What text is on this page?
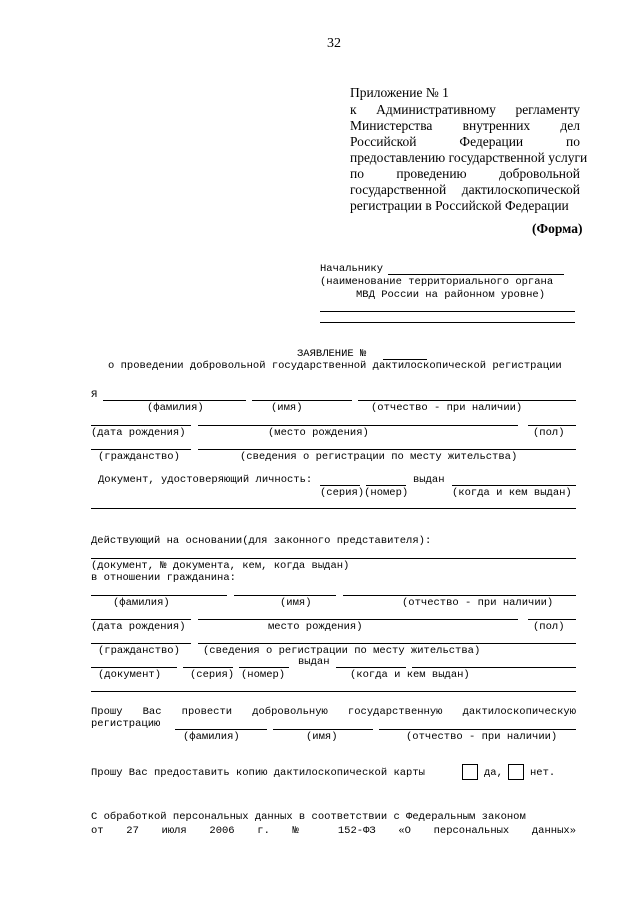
32
Приложение № 1
к Административному регламенту
Министерства внутренних дел
Российской Федерации по
предоставлению государственной услуги
по проведению добровольной
государственной дактилоскопической
регистрации в Российской Федерации
(Форма)
Начальнику
(наименование территориального органа
МВД России на районном уровне)
ЗАЯВЛЕНИЕ №
о проведении добровольной государственной дактилоскопической регистрации
Я
(фамилия)	(имя)	(отчество - при наличии)
(дата рождения)	(место рождения)	(пол)
(гражданство)	(сведения о регистрации по месту жительства)
Документ, удостоверяющий личность:	выдан
(серия)(номер)	(когда и кем выдан)
Действующий на основании(для законного представителя):
(документ, № документа, кем, когда выдан)
в отношении гражданина:
(фамилия)	(имя)	(отчество - при наличии)
(дата рождения)	место рождения)	(пол)
(гражданство) (сведения о регистрации по месту жительства)
выдан
(документ)	(серия) (номер)	(когда и кем выдан)
Прошу Вас провести добровольную государственную дактилоскопическую
регистрацию
(фамилия)	(имя)	(отчество - при наличии)
Прошу Вас предоставить копию дактилоскопической карты	да,	нет.
С обработкой персональных данных в соответствии с Федеральным законом
от 27 июля 2006 г. № 152-ФЗ «О персональных данных»
